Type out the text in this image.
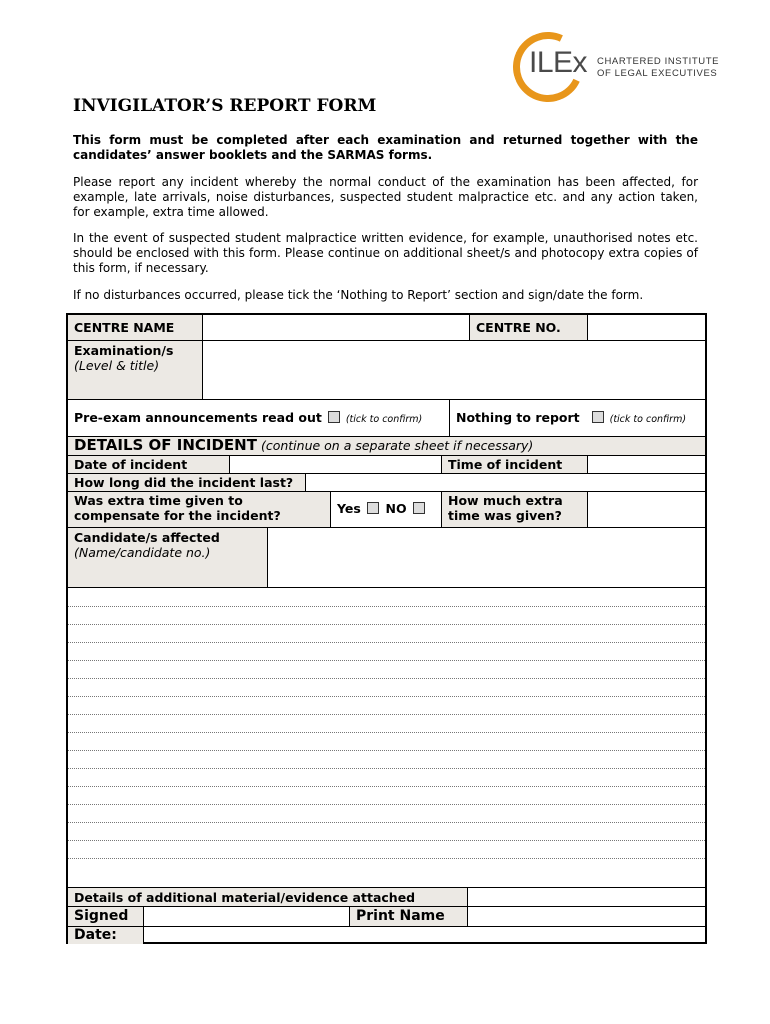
ILEx CHARTERED INSTITUTE
OF LEGAL EXECUTIVES
INVIGILATOR’S REPORT FORM

This form must be completed after each examination and returned together with the candidates’ answer booklets and the SARMAS forms.

Please report any incident whereby the normal conduct of the examination has been affected, for example, late arrivals, noise disturbances, suspected student malpractice etc. and any action taken, for example, extra time allowed.

In the event of suspected student malpractice written evidence, for example, unauthorised notes etc. should be enclosed with this form. Please continue on additional sheet/s and photocopy extra copies of this form, if necessary.

If no disturbances occurred, please tick the ‘Nothing to Report’ section and sign/date the form.

CENTRE NAME	CENTRE NO.
Examination/s
(Level & title)
Pre-exam announcements read out	(tick to confirm)	Nothing to report	(tick to confirm)
DETAILS OF INCIDENT (continue on a separate sheet if necessary)
Date of incident	Time of incident
How long did the incident last?
Was extra time given to compensate for the incident?	Yes NO
How much extra time was given?
Candidate/s affected
(Name/candidate no.)
Details of additional material/evidence attached
Signed	Print Name
Date:
